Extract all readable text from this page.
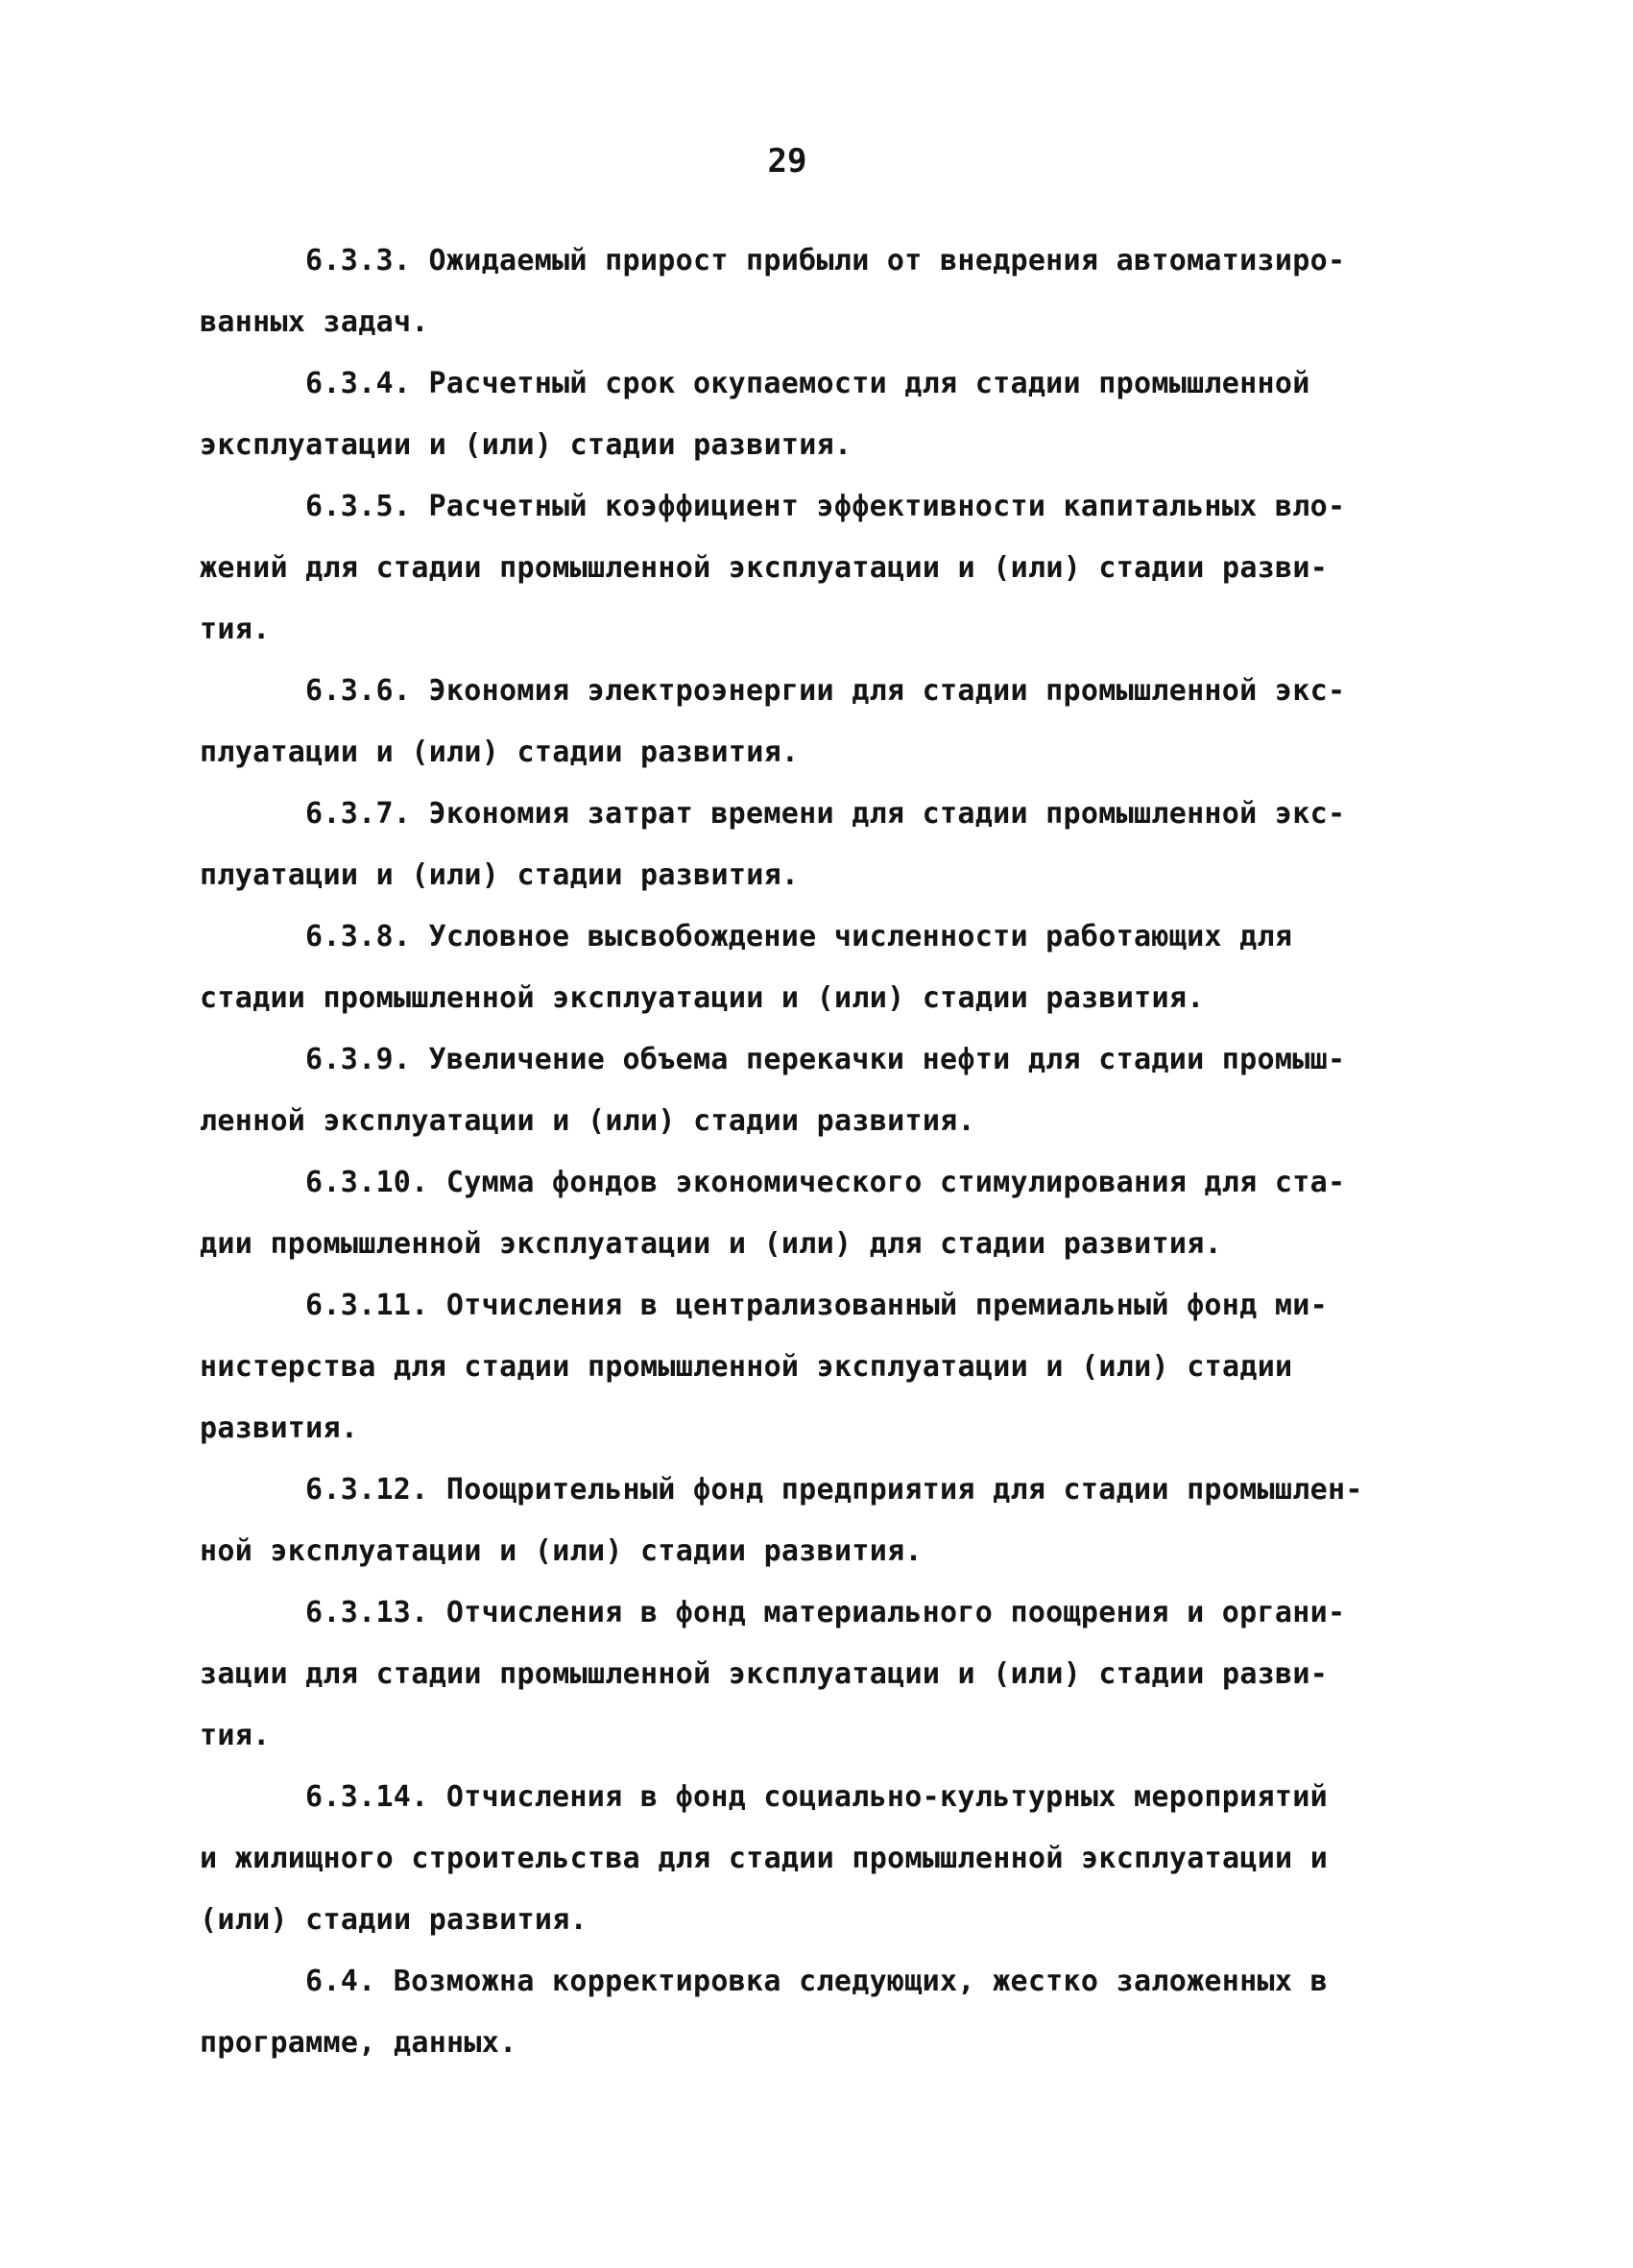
29

6.3.3. Ожидаемый прирост прибыли от внедрения автоматизиро-
ванных задач.

6.3.4. Расчетный срок окупаемости для стадии промышленной
эксплуатации и (или) стадии развития.

6.3.5. Расчетный коэффициент эффективности капитальных вло-
жений для стадии промышленной эксплуатации и (или) стадии разви-
тия.

6.3.6. Экономия электроэнергии для стадии промышленной экс-
плуатации и (или) стадии развития.

6.3.7. Экономия затрат времени для стадии промышленной экс-
плуатации и (или) стадии развития.

6.3.8. Условное высвобождение численности работающих для
стадии промышленной эксплуатации и (или) стадии развития.

6.3.9. Увеличение объема перекачки нефти для стадии промыш-
ленной эксплуатации и (или) стадии развития.

6.3.10. Сумма фондов экономического стимулирования для ста-
дии промышленной эксплуатации и (или) для стадии развития.

6.3.11. Отчисления в централизованный премиальный фонд ми-
нистерства для стадии промышленной эксплуатации и (или) стадии
развития.

6.3.12. Поощрительный фонд предприятия для стадии промышлен-
ной эксплуатации и (или) стадии развития.

6.3.13. Отчисления в фонд материального поощрения и органи-
зации для стадии промышленной эксплуатации и (или) стадии разви-
тия.

6.3.14. Отчисления в фонд социально-культурных мероприятий
и жилищного строительства для стадии промышленной эксплуатации и
(или) стадии развития.

6.4. Возможна корректировка следующих, жестко заложенных в
программе, данных.
